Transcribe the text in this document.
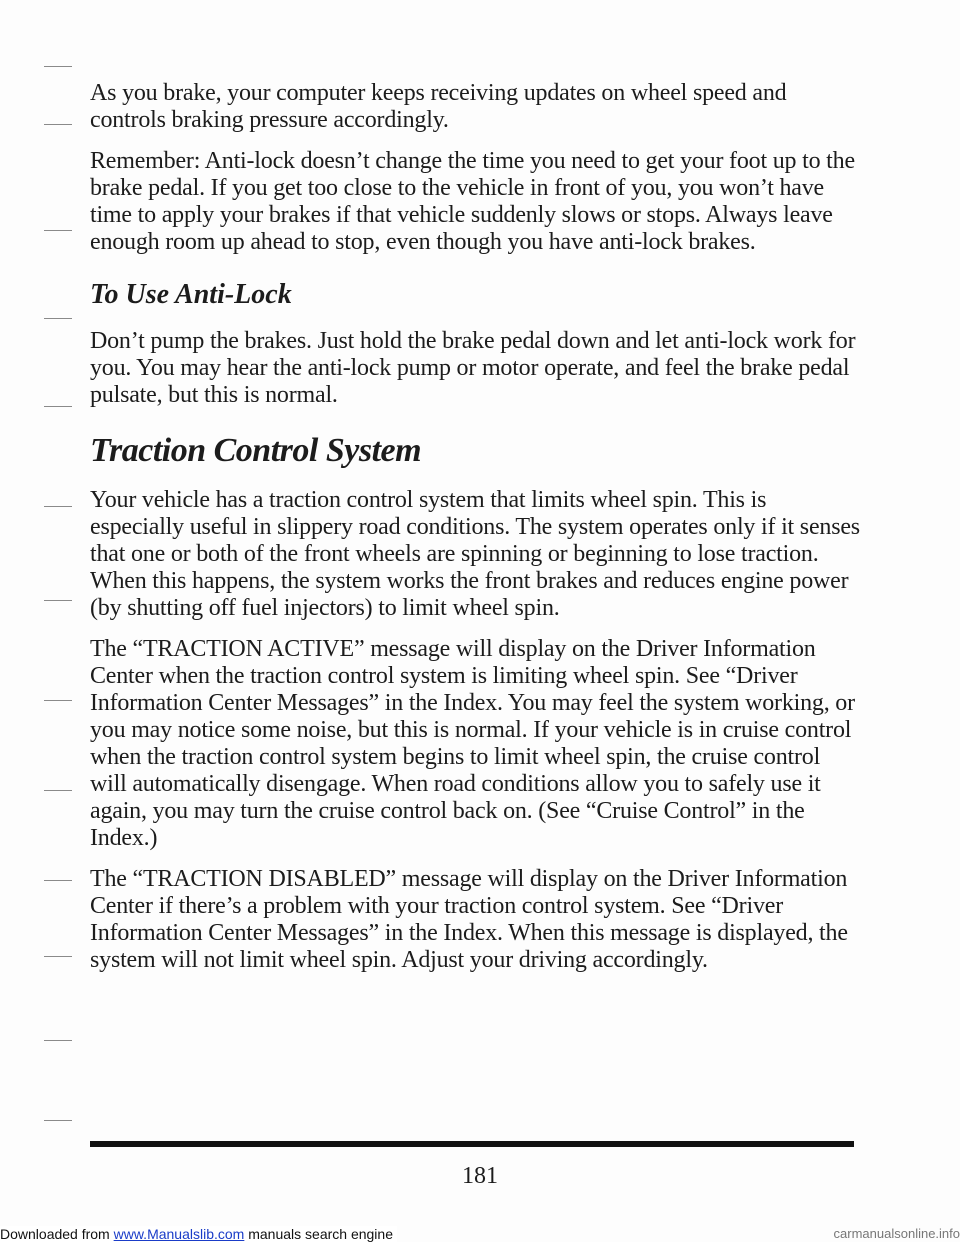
As you brake, your computer keeps receiving updates on wheel speed and controls braking pressure accordingly.

Remember: Anti-lock doesn’t change the time you need to get your foot up to the brake pedal. If you get too close to the vehicle in front of you, you won’t have time to apply your brakes if that vehicle suddenly slows or stops. Always leave enough room up ahead to stop, even though you have anti-lock brakes.

To Use Anti-Lock

Don’t pump the brakes. Just hold the brake pedal down and let anti-lock work for you. You may hear the anti-lock pump or motor operate, and feel the brake pedal pulsate, but this is normal.

Traction Control System

Your vehicle has a traction control system that limits wheel spin. This is especially useful in slippery road conditions. The system operates only if it senses that one or both of the front wheels are spinning or beginning to lose traction. When this happens, the system works the front brakes and reduces engine power (by shutting off fuel injectors) to limit wheel spin.

The “TRACTION ACTIVE” message will display on the Driver Information Center when the traction control system is limiting wheel spin. See “Driver Information Center Messages” in the Index. You may feel the system working, or you may notice some noise, but this is normal. If your vehicle is in cruise control when the traction control system begins to limit wheel spin, the cruise control will automatically disengage. When road conditions allow you to safely use it again, you may turn the cruise control back on. (See “Cruise Control” in the Index.)

The “TRACTION DISABLED” message will display on the Driver Information Center if there’s a problem with your traction control system. See “Driver Information Center Messages” in the Index. When this message is displayed, the system will not limit wheel spin. Adjust your driving accordingly.

181
Downloaded from www.Manualslib.com manuals search engine	carmanualsonline.info
